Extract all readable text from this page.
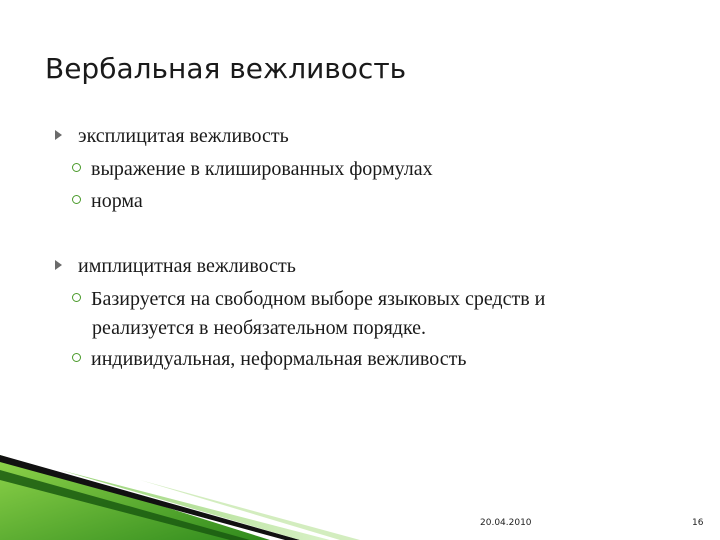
Вербальная вежливость
эксплицитая вежливость
выражение в клишированных формулах
норма
имплицитная вежливость
Базируется на свободном выборе языковых средств и
реализуется в необязательном порядке.
индивидуальная, неформальная вежливость
20.04.2010	16
